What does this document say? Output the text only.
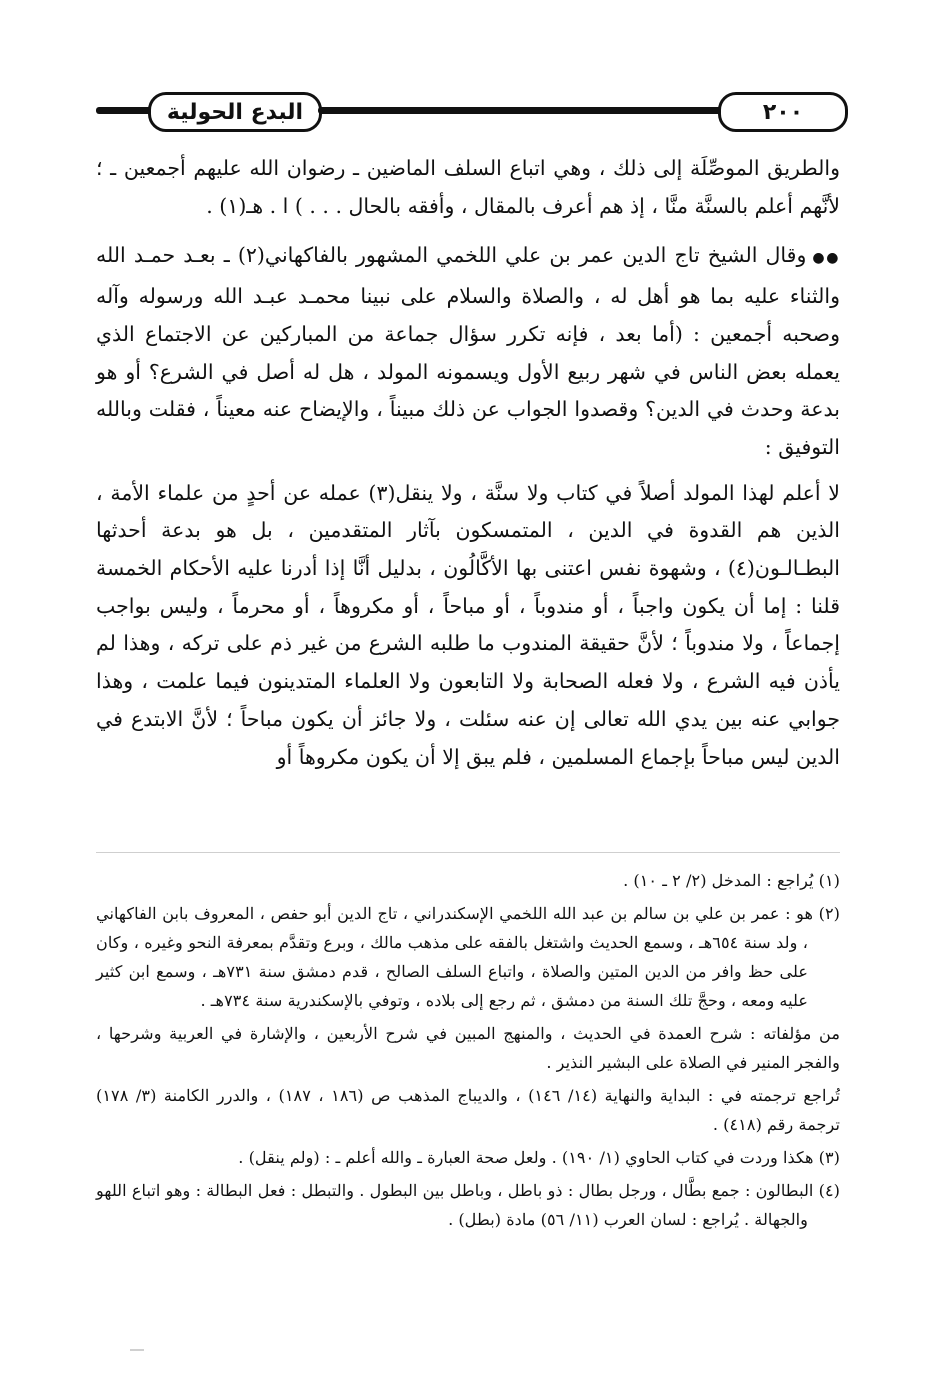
البدع الحولية	٢٠٠

والطريق الموصِّلَة إلى ذلك ، وهي اتباع السلف الماضين ـ رضوان الله عليهم أجمعين ـ ؛ لأنَّهم أعلم بالسنَّة منَّا ، إذ هم أعرف بالمقال ، وأفقه بالحال . . . ) ا . هـ(١) .

●●وقال الشيخ تاج الدين عمر بن علي اللخمي المشهور بالفاكهاني(٢) ـ بعـد حمـد الله والثناء عليه بما هو أهل له ، والصلاة والسلام على نبينا محمـد عبـد الله ورسوله وآله وصحبه أجمعين : (أما بعد ، فإنه تكرر سؤال جماعة من المباركين عن الاجتماع الذي يعمله بعض الناس في شهر ربيع الأول ويسمونه المولد ، هل له أصل في الشرع؟ أو هو بدعة وحدث في الدين؟ وقصدوا الجواب عن ذلك مبيناً ، والإيضاح عنه معيناً ، فقلت وبالله التوفيق :

لا أعلم لهذا المولد أصلاً في كتاب ولا سنَّة ، ولا ينقل(٣) عمله عن أحدٍ من علماء الأمة ، الذين هم القدوة في الدين ، المتمسكون بآثار المتقدمين ، بل هو بدعة أحدثها البطـالـون(٤) ، وشهوة نفس اعتنى بها الأكَّالُون ، بدليل أنَّا إذا أدرنا عليه الأحكام الخمسة قلنا : إما أن يكون واجباً ، أو مندوباً ، أو مباحاً ، أو مكروهاً ، أو محرماً ، وليس بواجب إجماعاً ، ولا مندوباً ؛ لأنَّ حقيقة المندوب ما طلبه الشرع من غير ذم على تركه ، وهذا لم يأذن فيه الشرع ، ولا فعله الصحابة ولا التابعون ولا العلماء المتدينون فيما علمت ، وهذا جوابي عنه بين يدي الله تعالى إن عنه سئلت ، ولا جائز أن يكون مباحاً ؛ لأنَّ الابتدع في الدين ليس مباحاً بإجماع المسلمين ، فلم يبق إلا أن يكون مكروهاً أو

(١) يُراجع : المدخل (٢/ ٢ ـ ١٠) .

(٢) هو : عمر بن علي بن سالم بن عبد الله اللخمي الإسكندراني ، تاج الدين أبو حفص ، المعروف بابن الفاكهاني ، ولد سنة ٦٥٤هـ ، وسمع الحديث واشتغل بالفقه على مذهب مالك ، وبرع وتقدَّم بمعرفة النحو وغيره ، وكان على حظ وافر من الدين المتين والصلاة ، واتباع السلف الصالح ، قدم دمشق سنة ٧٣١هـ ، وسمع ابن كثير عليه ومعه ، وحجَّ تلك السنة من دمشق ، ثم رجع إلى بلاده ، وتوفي بالإسكندرية سنة ٧٣٤هـ .

من مؤلفاته : شرح العمدة في الحديث ، والمنهج المبين في شرح الأربعين ، والإشارة في العربية وشرحها ، والفجر المنير في الصلاة على البشير النذير .

تُراجع ترجمته في : البداية والنهاية (١٤/ ١٤٦) ، والديباج المذهب ص (١٨٦ ، ١٨٧) ، والدرر الكامنة (٣/ ١٧٨) ترجمة رقم (٤١٨) .

(٣) هكذا وردت في كتاب الحاوي (١/ ١٩٠) . ولعل صحة العبارة ـ والله أعلم ـ : (ولم ينقل) .

(٤) البطالون : جمع بطَّال ، ورجل بطال : ذو باطل ، وباطل بين البطول . والتبطل : فعل البطالة : وهو اتباع اللهو والجهالة . يُراجع : لسان العرب (١١/ ٥٦) مادة (بطل) .
